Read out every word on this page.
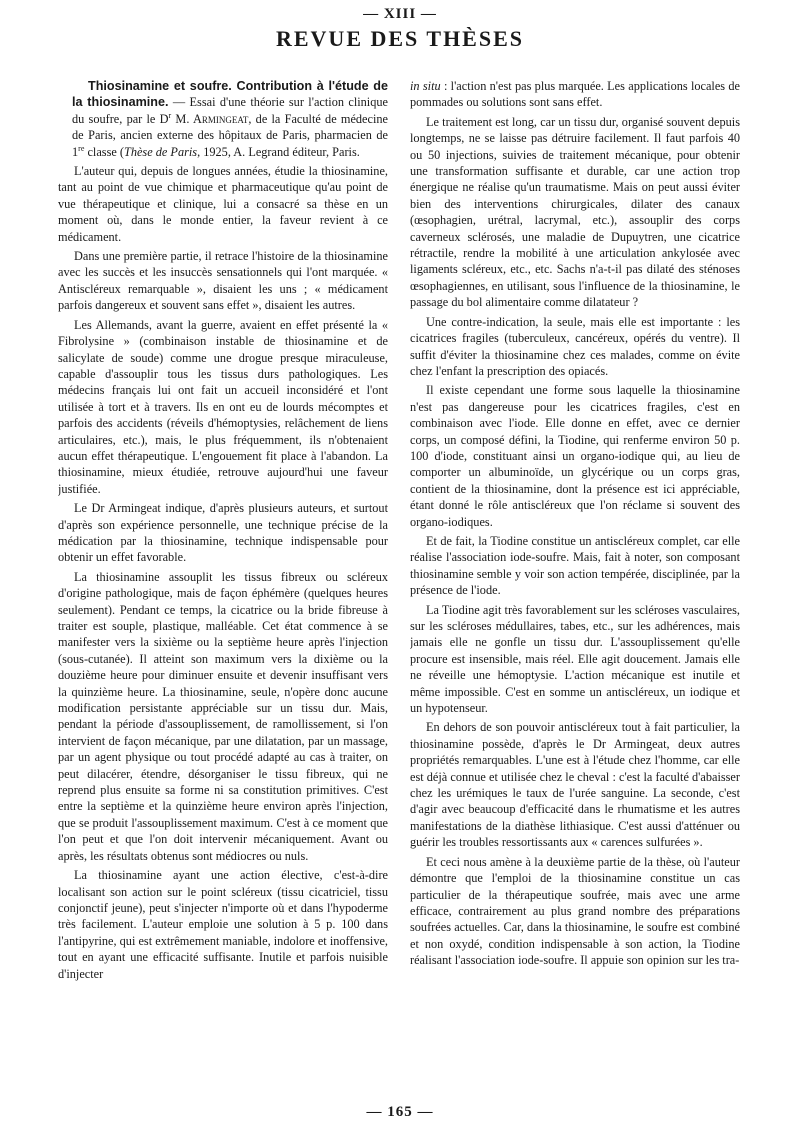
— XIII —
REVUE DES THÈSES

Thiosinamine et soufre. Contribution à l'étude de la thiosinamine. — Essai d'une théorie sur l'action clinique du soufre, par le $D^r$ M. Armingeat, de la Faculté de médecine de Paris, ancien externe des hôpitaux de Paris, pharmacien de 1re classe (Thèse de Paris, 1925, A. Legrand éditeur, Paris.

L'auteur qui, depuis de longues années, étudie la thiosinamine, tant au point de vue chimique et pharmaceutique qu'au point de vue thérapeutique et clinique, lui a consacré sa thèse en un moment où, dans le monde entier, la faveur revient à ce médicament.

Dans une première partie, il retrace l'histoire de la thiosinamine avec les succès et les insuccès sensationnels qui l'ont marquée. « Antiscléreux remarquable », disaient les uns ; « médicament parfois dangereux et souvent sans effet », disaient les autres.

Les Allemands, avant la guerre, avaient en effet présenté la « Fibrolysine » (combinaison instable de thiosinamine et de salicylate de soude) comme une drogue presque miraculeuse, capable d'assouplir tous les tissus durs pathologiques. Les médecins français lui ont fait un accueil inconsidéré et l'ont utilisée à tort et à travers. Ils en ont eu de lourds mécomptes et parfois des accidents (réveils d'hémoptysies, relâchement de liens articulaires, etc.), mais, le plus fréquemment, ils n'obtenaient aucun effet thérapeutique. L'engouement fit place à l'abandon. La thiosinamine, mieux étudiée, retrouve aujourd'hui une faveur justifiée.

Le Dr Armingeat indique, d'après plusieurs auteurs, et surtout d'après son expérience personnelle, une technique précise de la médication par la thiosinamine, technique indispensable pour obtenir un effet favorable.

La thiosinamine assouplit les tissus fibreux ou scléreux d'origine pathologique, mais de façon éphémère (quelques heures seulement). Pendant ce temps, la cicatrice ou la bride fibreuse à traiter est souple, plastique, malléable. Cet état commence à se manifester vers la sixième ou la septième heure après l'injection (sous-cutanée). Il atteint son maximum vers la dixième ou la douzième heure pour diminuer ensuite et devenir insuffisant vers la quinzième heure. La thiosinamine, seule, n'opère donc aucune modification persistante appréciable sur un tissu dur. Mais, pendant la période d'assouplissement, de ramollissement, si l'on intervient de façon mécanique, par une dilatation, par un massage, par un agent physique ou tout procédé adapté au cas à traiter, on peut dilacérer, étendre, désorganiser le tissu fibreux, qui ne reprend plus ensuite sa forme ni sa constitution primitives. C'est entre la septième et la quinzième heure environ après l'injection, que se produit l'assouplissement maximum. C'est à ce moment que l'on peut et que l'on doit intervenir mécaniquement. Avant ou après, les résultats obtenus sont médiocres ou nuls.

La thiosinamine ayant une action élective, c'est-à-dire localisant son action sur le point scléreux (tissu cicatriciel, tissu conjonctif jeune), peut s'injecter n'importe où et dans l'hypoderme très facilement. L'auteur emploie une solution à 5 p. 100 dans l'antipyrine, qui est extrêmement maniable, indolore et inoffensive, tout en ayant une efficacité suffisante. Inutile et parfois nuisible d'injecter

in situ : l'action n'est pas plus marquée. Les applications locales de pommades ou solutions sont sans effet.

Le traitement est long, car un tissu dur, organisé souvent depuis longtemps, ne se laisse pas détruire facilement. Il faut parfois 40 ou 50 injections, suivies de traitement mécanique, pour obtenir une transformation suffisante et durable, car une action trop énergique ne réalise qu'un traumatisme. Mais on peut aussi éviter bien des interventions chirurgicales, dilater des canaux (œsophagien, urétral, lacrymal, etc.), assouplir des corps caverneux sclérosés, une maladie de Dupuytren, une cicatrice rétractile, rendre la mobilité à une articulation ankylosée avec ligaments scléreux, etc., etc. Sachs n'a-t-il pas dilaté des sténoses œsophagiennes, en utilisant, sous l'influence de la thiosinamine, le passage du bol alimentaire comme dilatateur ?

Une contre-indication, la seule, mais elle est importante : les cicatrices fragiles (tuberculeux, cancéreux, opérés du ventre). Il suffit d'éviter la thiosinamine chez ces malades, comme on évite chez l'enfant la prescription des opiacés.

Il existe cependant une forme sous laquelle la thiosinamine n'est pas dangereuse pour les cicatrices fragiles, c'est en combinaison avec l'iode. Elle donne en effet, avec ce dernier corps, un composé défini, la Tiodine, qui renferme environ 50 p. 100 d'iode, constituant ainsi un organo-iodique qui, au lieu de comporter un albuminoïde, un glycérique ou un corps gras, contient de la thiosinamine, dont la présence est ici appréciable, étant donné le rôle antiscléreux que l'on réclame si souvent des organo-iodiques.

Et de fait, la Tiodine constitue un antiscléreux complet, car elle réalise l'association iode-soufre. Mais, fait à noter, son composant thiosinamine semble y voir son action tempérée, disciplinée, par la présence de l'iode.

La Tiodine agit très favorablement sur les scléroses vasculaires, sur les scléroses médullaires, tabes, etc., sur les adhérences, mais jamais elle ne gonfle un tissu dur. L'assouplissement qu'elle procure est insensible, mais réel. Elle agit doucement. Jamais elle ne réveille une hémoptysie. L'action mécanique est inutile et même impossible. C'est en somme un antiscléreux, un iodique et un hypotenseur.

En dehors de son pouvoir antiscléreux tout à fait particulier, la thiosinamine possède, d'après le Dr Armingeat, deux autres propriétés remarquables. L'une est à l'étude chez l'homme, car elle est déjà connue et utilisée chez le cheval : c'est la faculté d'abaisser chez les urémiques le taux de l'urée sanguine. La seconde, c'est d'agir avec beaucoup d'efficacité dans le rhumatisme et les autres manifestations de la diathèse lithiasique. C'est aussi d'atténuer ou guérir les troubles ressortissants aux « carences sulfurées ».

Et ceci nous amène à la deuxième partie de la thèse, où l'auteur démontre que l'emploi de la thiosinamine constitue un cas particulier de la thérapeutique soufrée, mais avec une arme efficace, contrairement au plus grand nombre des préparations soufrées actuelles. Car, dans la thiosinamine, le soufre est combiné et non oxydé, condition indispensable à son action, la Tiodine réalisant l'association iode-soufre. Il appuie son opinion sur les tra-

— 165 —
